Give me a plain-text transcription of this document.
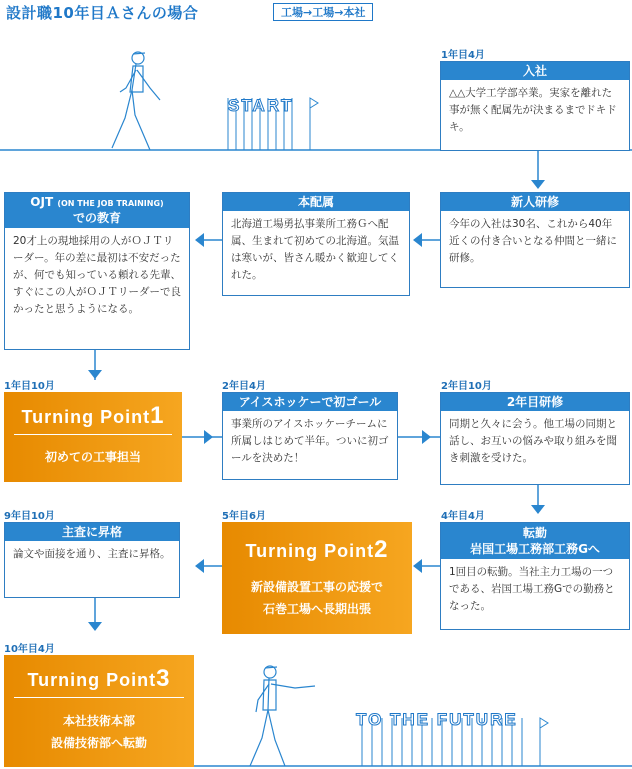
設計職10年目Ａさんの場合	工場→工場→本社
START
TO THE FUTURE
1年目4月
入社
△△大学工学部卒業。実家を離れた事が無く配属先が決まるまでドキドキ。
新人研修
今年の入社は30名、これから40年近くの付き合いとなる仲間と一緒に研修。
本配属
北海道工場勇払事業所工務Ｇへ配属、生まれて初めての北海道。気温は寒いが、皆さん暖かく歓迎してくれた。
OJT (ON THE JOB TRAINING)
での教育
20才上の現地採用の人がＯＪＴリーダー。年の差に最初は不安だったが、何でも知っている頼れる先輩、すぐにこの人がＯＪＴリーダーで良かったと思うようになる。
1年目10月
Turning Point1
初めての工事担当
2年目4月
アイスホッケーで初ゴール
事業所のアイスホッケーチームに所属しはじめて半年。ついに初ゴールを決めた！
2年目10月
2年目研修
同期と久々に会う。他工場の同期と話し、お互いの悩みや取り組みを聞き刺激を受けた。
4年目4月
転勤
岩国工場工務部工務Gへ
1回目の転勤。当社主力工場の一つである、岩国工場工務Gでの勤務となった。
5年目6月
Turning Point2
新設備設置工事の応援で
石巻工場へ長期出張
9年目10月
主査に昇格
論文や面接を通り、主査に昇格。
10年目4月
Turning Point3
本社技術本部
設備技術部へ転勤
